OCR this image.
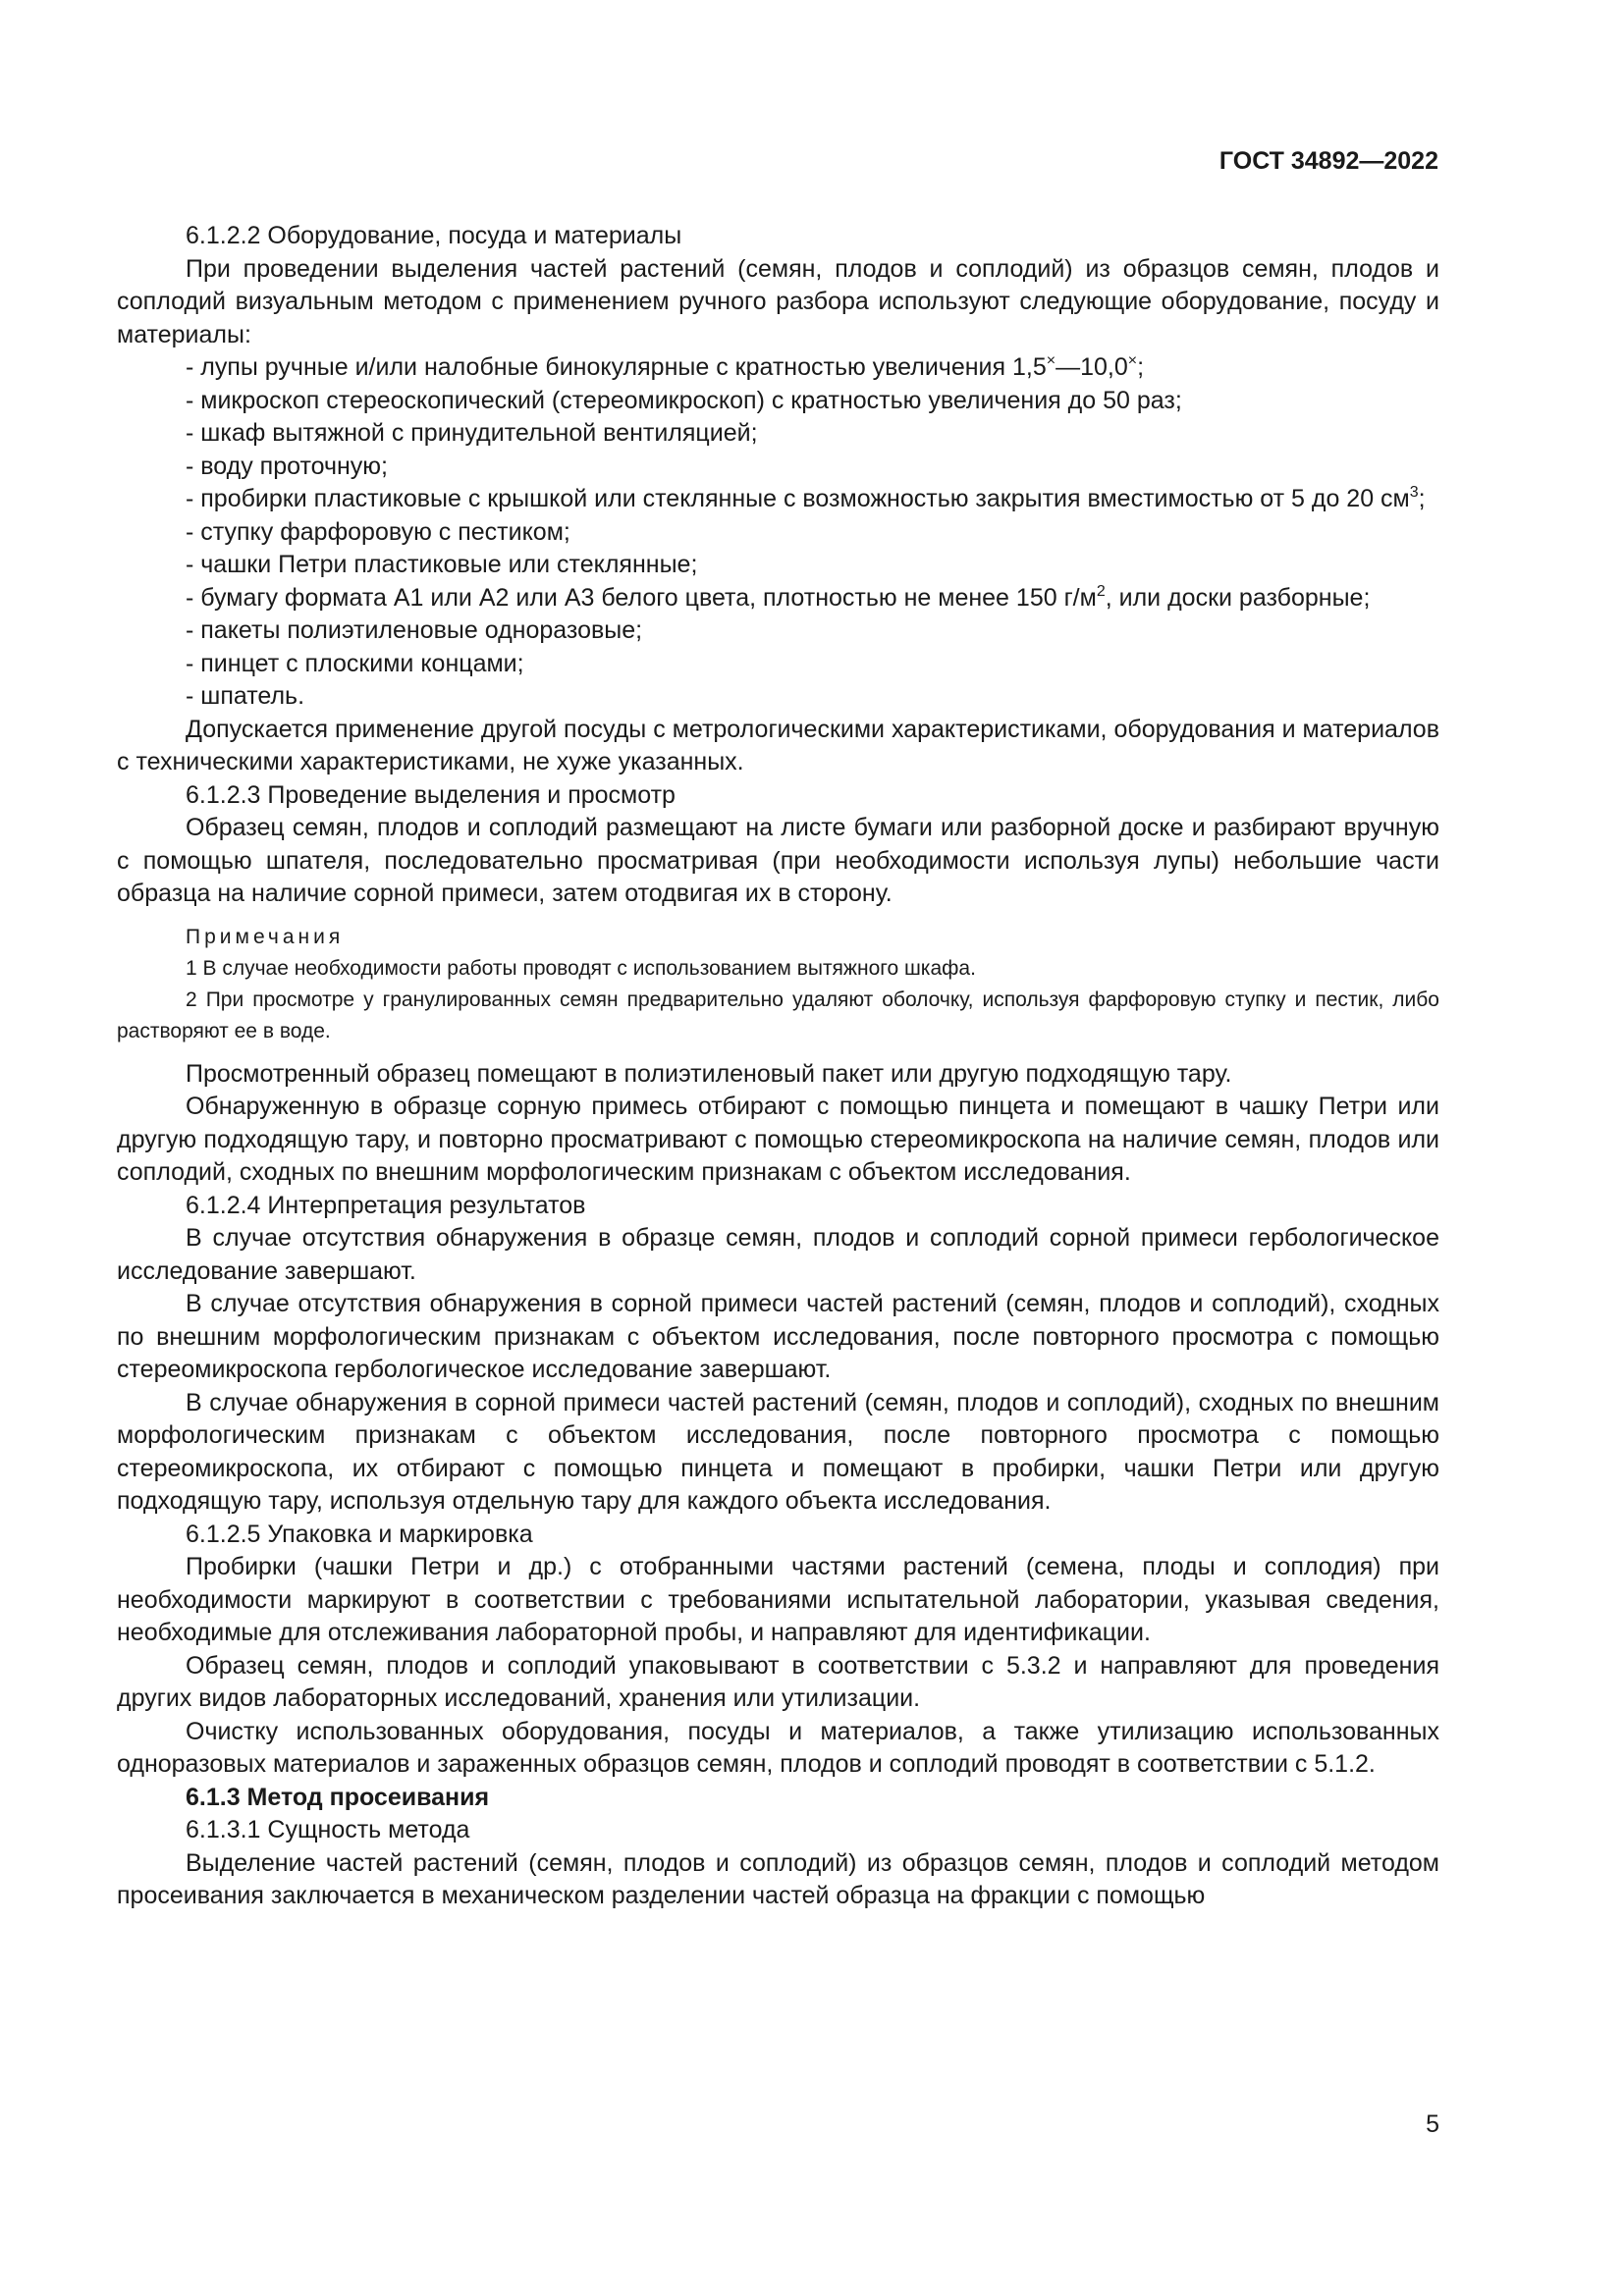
ГОСТ 34892—2022

6.1.2.2 Оборудование, посуда и материалы

При проведении выделения частей растений (семян, плодов и соплодий) из образцов семян, плодов и соплодий визуальным методом с применением ручного разбора используют следующие оборудование, посуду и материалы:

- лупы ручные и/или налобные бинокулярные с кратностью увеличения 1,5×—10,0×;

- микроскоп стереоскопический (стереомикроскоп) с кратностью увеличения до 50 раз;

- шкаф вытяжной с принудительной вентиляцией;

- воду проточную;

- пробирки пластиковые с крышкой или стеклянные с возможностью закрытия вместимостью от 5 до 20 $см^3$;

- ступку фарфоровую с пестиком;

- чашки Петри пластиковые или стеклянные;

- бумагу формата А1 или А2 или А3 белого цвета, плотностью не менее 150 $г/м^2$, или доски разборные;

- пакеты полиэтиленовые одноразовые;

- пинцет с плоскими концами;

- шпатель.

Допускается применение другой посуды с метрологическими характеристиками, оборудования и материалов с техническими характеристиками, не хуже указанных.

6.1.2.3 Проведение выделения и просмотр

Образец семян, плодов и соплодий размещают на листе бумаги или разборной доске и разбирают вручную с помощью шпателя, последовательно просматривая (при необходимости используя лупы) небольшие части образца на наличие сорной примеси, затем отодвигая их в сторону.

Примечания

1 В случае необходимости работы проводят с использованием вытяжного шкафа.

2 При просмотре у гранулированных семян предварительно удаляют оболочку, используя фарфоровую ступку и пестик, либо растворяют ее в воде.

Просмотренный образец помещают в полиэтиленовый пакет или другую подходящую тару.

Обнаруженную в образце сорную примесь отбирают с помощью пинцета и помещают в чашку Петри или другую подходящую тару, и повторно просматривают с помощью стереомикроскопа на наличие семян, плодов или соплодий, сходных по внешним морфологическим признакам с объектом исследования.

6.1.2.4 Интерпретация результатов

В случае отсутствия обнаружения в образце семян, плодов и соплодий сорной примеси гербологическое исследование завершают.

В случае отсутствия обнаружения в сорной примеси частей растений (семян, плодов и соплодий), сходных по внешним морфологическим признакам с объектом исследования, после повторного просмотра с помощью стереомикроскопа гербологическое исследование завершают.

В случае обнаружения в сорной примеси частей растений (семян, плодов и соплодий), сходных по внешним морфологическим признакам с объектом исследования, после повторного просмотра с помощью стереомикроскопа, их отбирают с помощью пинцета и помещают в пробирки, чашки Петри или другую подходящую тару, используя отдельную тару для каждого объекта исследования.

6.1.2.5 Упаковка и маркировка

Пробирки (чашки Петри и др.) с отобранными частями растений (семена, плоды и соплодия) при необходимости маркируют в соответствии с требованиями испытательной лаборатории, указывая сведения, необходимые для отслеживания лабораторной пробы, и направляют для идентификации.

Образец семян, плодов и соплодий упаковывают в соответствии с 5.3.2 и направляют для проведения других видов лабораторных исследований, хранения или утилизации.

Очистку использованных оборудования, посуды и материалов, а также утилизацию использованных одноразовых материалов и зараженных образцов семян, плодов и соплодий проводят в соответствии с 5.1.2.

6.1.3 Метод просеивания

6.1.3.1 Сущность метода

Выделение частей растений (семян, плодов и соплодий) из образцов семян, плодов и соплодий методом просеивания заключается в механическом разделении частей образца на фракции с помощью

5
